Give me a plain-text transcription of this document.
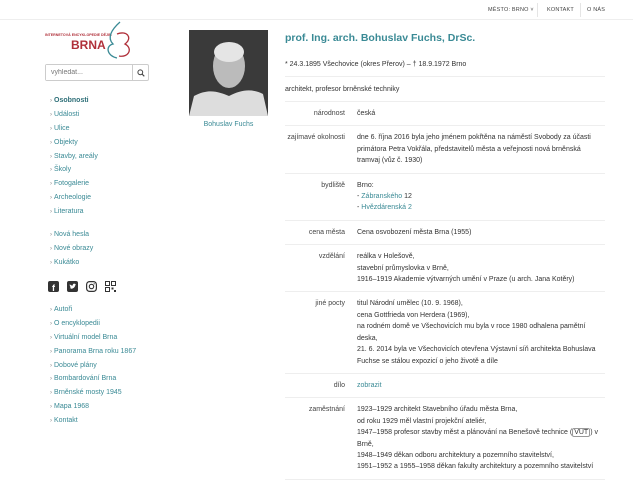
MĚSTO: BRNO ˅ KONTAKT O NÁS
INTERNETOVÁ ENCYKLOPEDIE DĚJIN
BRNA
vyhledat...
› Osobnosti
› Události
› Ulice
› Objekty
› Stavby, areály
› Školy
› Fotogalerie
› Archeologie
› Literatura
› Nová hesla
› Nové obrazy
› Kukátko
f
› Autoři
› O encyklopedii
› Virtuální model Brna
› Panorama Brna roku 1867
› Dobové plány
› Bombardování Brna
› Brněnské mosty 1945
› Mapa 1968
› Kontakt
Bohuslav Fuchs
prof. Ing. arch. Bohuslav Fuchs, DrSc.
* 24.3.1895 Všechovice (okres Přerov) – † 18.9.1972 Brno
architekt, profesor brněnské techniky
národnost	česká
zajímavé okolnosti	dne 6. října 2016 byla jeho jménem pokřtěna na náměstí Svobody za účasti primátora Petra Vokřála, představitelů města a veřejnosti nová brněnská tramvaj (vůz č. 1930)
bydliště	Brno:
- Zábranského 12
- Hvězdárenská 2
cena města	Cena osvobození města Brna (1955)
vzdělání	reálka v Holešově,
stavební průmyslovka v Brně,
1916–1919 Akademie výtvarných umění v Praze (u arch. Jana Kotěry)
jiné pocty	titul Národní umělec (10. 9. 1968),
cena Gottfrieda von Herdera (1969),
na rodném domě ve Všechovicích mu byla v roce 1980 odhalena pamětní deska,
21. 6. 2014 byla ve Všechovicích otevřena Výstavní síň architekta Bohuslava Fuchse se stálou expozicí o jeho životě a díle
dílo	zobrazit
zaměstnání	1923–1929 architekt Stavebního úřadu města Brna,
od roku 1929 měl vlastní projekční ateliér,
1947–1958 profesor stavby měst a plánování na Benešově technice ( VUT ) v Brně,
1948–1949 děkan odboru architektury a pozemního stavitelství,
1951–1952 a 1955–1958 děkan fakulty architektury a pozemního stavitelství
